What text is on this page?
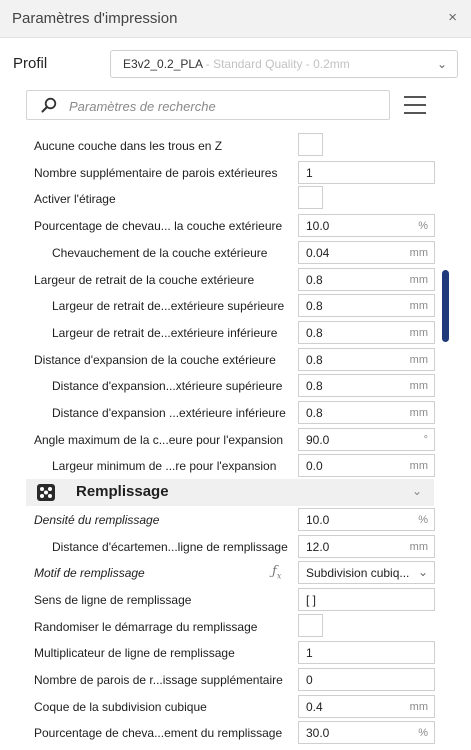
Paramètres d'impression	×
Profil	E3v2_0.2_PLA - Standard Quality - 0.2mm	⌄
Paramètres de recherche
Aucune couche dans les trous en Z
Nombre supplémentaire de parois extérieures 1
Activer l'étirage
Pourcentage de chevau... la couche extérieure 10.0	%
Chevauchement de la couche extérieure	0.04	mm
Largeur de retrait de la couche extérieure	0.8	mm
Largeur de retrait de...extérieure supérieure 0.8	mm
Largeur de retrait de...extérieure inférieure 0.8	mm
Distance d'expansion de la couche extérieure	0.8	mm
Distance d'expansion...xtérieure supérieure 0.8	mm
Distance d'expansion ...extérieure inférieure 0.8	mm
Angle maximum de la c...eure pour l'expansion 90.0	°
Largeur minimum de ...re pour l'expansion 0.0	mm
Remplissage	⌄
Densité du remplissage	10.0	%
Distance d'écartemen...ligne de remplissage 12.0	mm
Motif de remplissage	$ƒ_x$ Subdivision cubiq... ⌄
Sens de ligne de remplissage	[ ]
Randomiser le démarrage du remplissage
Multiplicateur de ligne de remplissage	1
Nombre de parois de r...issage supplémentaire 0
Coque de la subdivision cubique	0.4	mm
Pourcentage de cheva...ement du remplissage 30.0	%
